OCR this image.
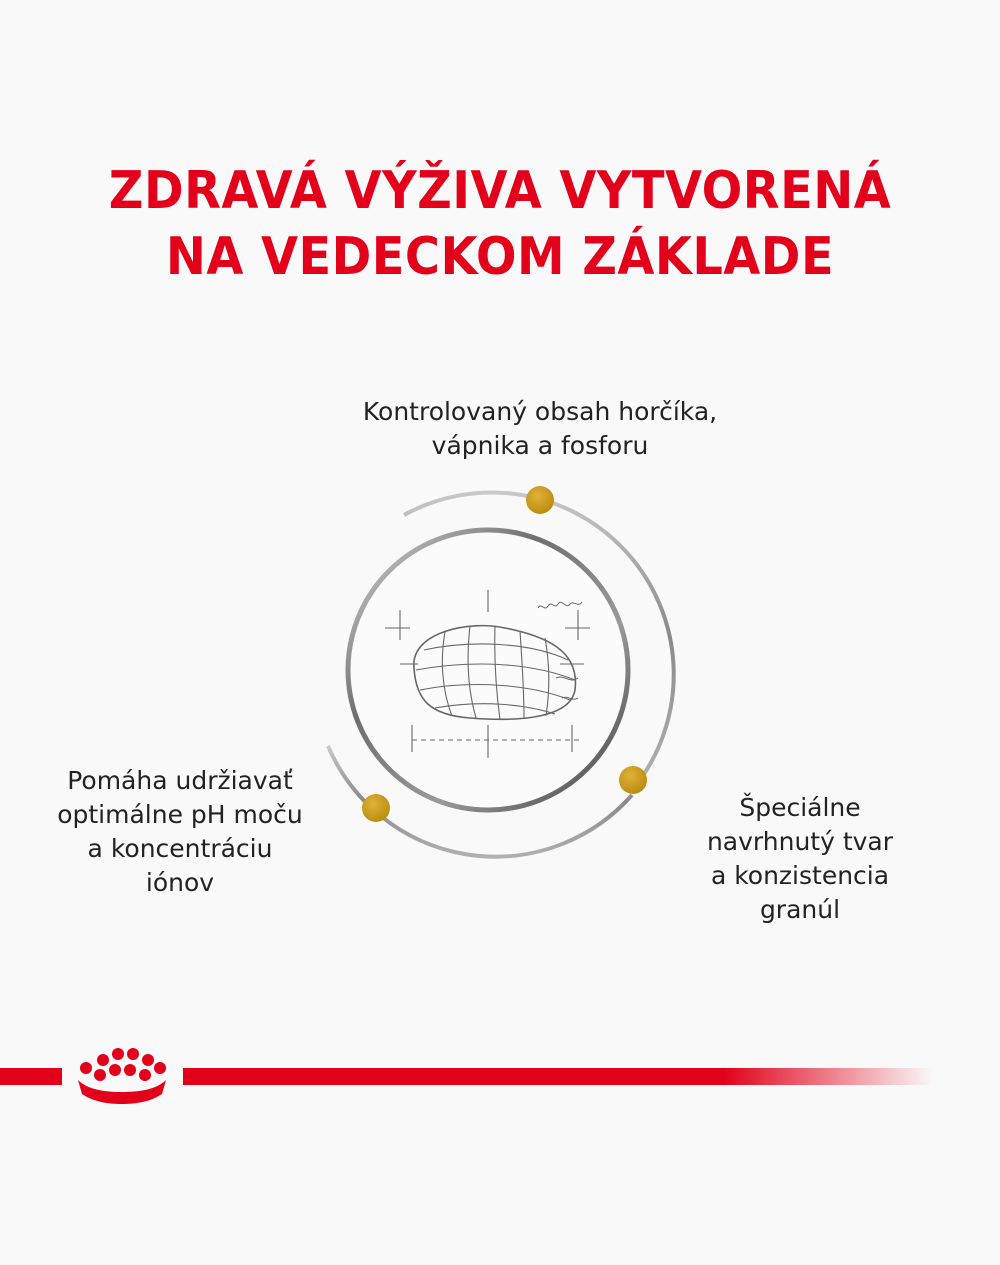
ZDRAVÁ VÝŽIVA VYTVORENÁ
NA VEDECKOM ZÁKLADE
Kontrolovaný obsah horčíka,
vápnika a fosforu
Pomáha udržiavať
optimálne pH moču
a koncentráciu
iónov
Špeciálne
navrhnutý tvar
a konzistencia
granúl
